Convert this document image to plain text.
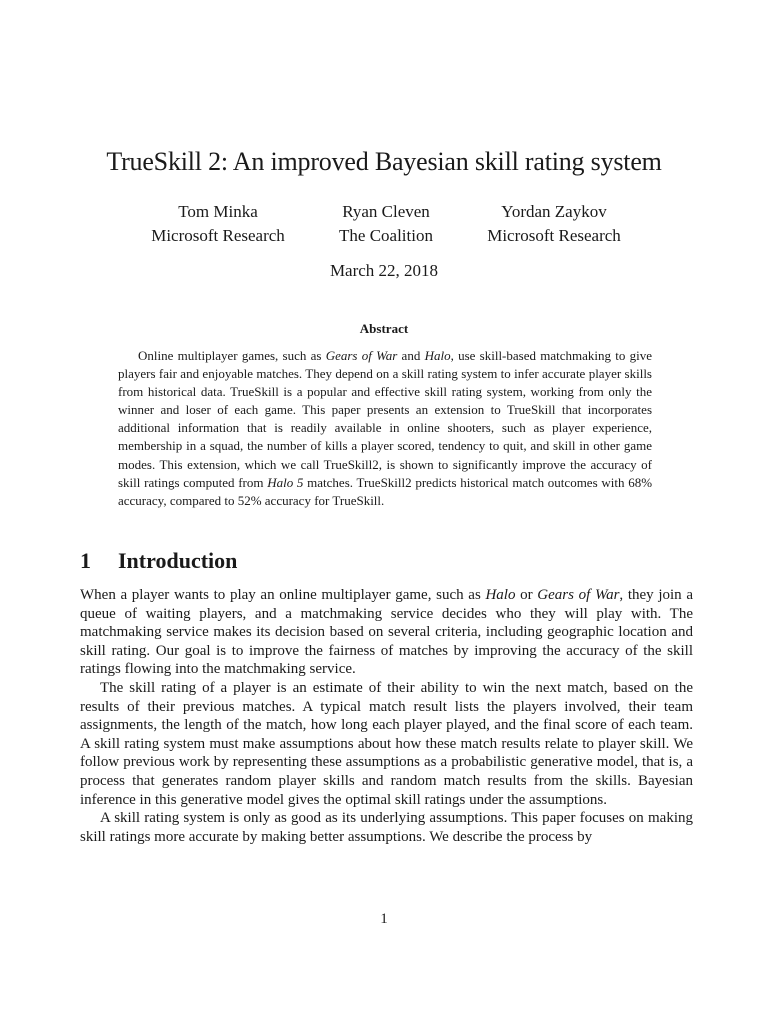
TrueSkill 2: An improved Bayesian skill rating system
Tom Minka
Microsoft Research
Ryan Cleven
The Coalition
Yordan Zaykov
Microsoft Research
March 22, 2018
Abstract
Online multiplayer games, such as Gears of War and Halo, use skill-based matchmaking to give players fair and enjoyable matches. They depend on a skill rating system to infer accurate player skills from historical data. TrueSkill is a popular and effective skill rating system, working from only the winner and loser of each game. This paper presents an extension to TrueSkill that incorporates additional information that is readily available in online shooters, such as player experience, membership in a squad, the number of kills a player scored, tendency to quit, and skill in other game modes. This extension, which we call TrueSkill2, is shown to significantly improve the accuracy of skill ratings computed from Halo 5 matches. TrueSkill2 predicts historical match outcomes with 68% accuracy, compared to 52% accuracy for TrueSkill.
1 Introduction

When a player wants to play an online multiplayer game, such as Halo or Gears of War, they join a queue of waiting players, and a matchmaking service decides who they will play with. The matchmaking service makes its decision based on several criteria, including geographic location and skill rating. Our goal is to improve the fairness of matches by improving the accuracy of the skill ratings flowing into the matchmaking service.

The skill rating of a player is an estimate of their ability to win the next match, based on the results of their previous matches. A typical match result lists the players involved, their team assignments, the length of the match, how long each player played, and the final score of each team. A skill rating system must make assumptions about how these match results relate to player skill. We follow previous work by representing these assumptions as a probabilistic generative model, that is, a process that generates random player skills and random match results from the skills. Bayesian inference in this generative model gives the optimal skill ratings under the assumptions.

A skill rating system is only as good as its underlying assumptions. This paper focuses on making skill ratings more accurate by making better assumptions. We describe the process by

1
